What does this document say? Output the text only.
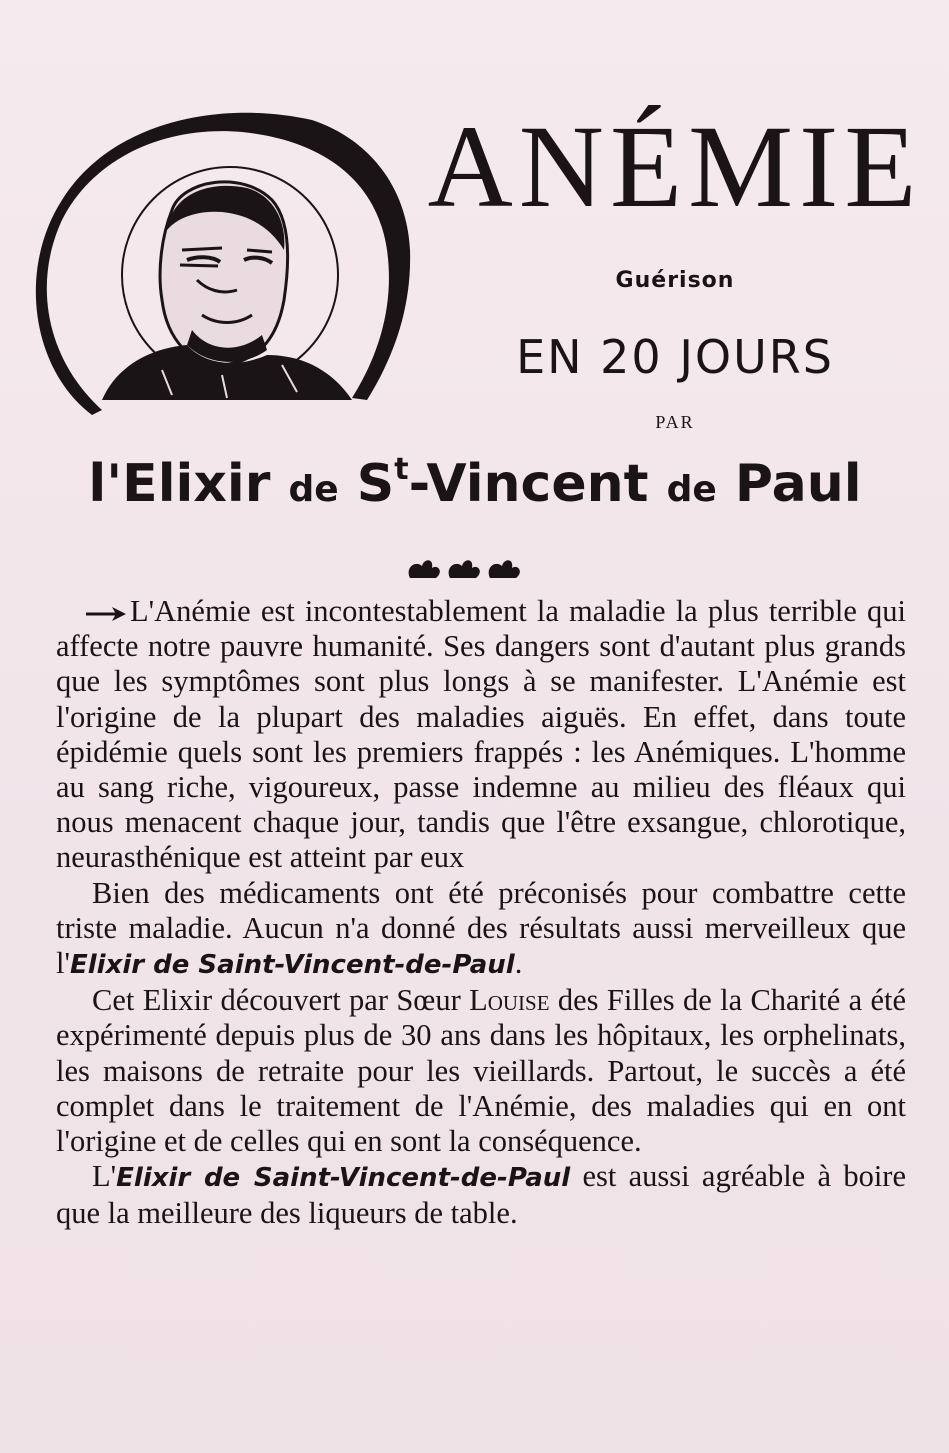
ANÉMIE
Guérison
EN 20 JOURS
PAR
l'Elixir de $S^t$-Vincent de Paul

L'Anémie est incontestablement la maladie la plus terrible qui affecte notre pauvre humanité. Ses dangers sont d'autant plus grands que les symptômes sont plus longs à se manifester. L'Anémie est l'origine de la plupart des maladies aiguës. En effet, dans toute épidémie quels sont les premiers frappés : les Anémiques. L'homme au sang riche, vigoureux, passe indemne au milieu des fléaux qui nous menacent chaque jour, tandis que l'être exsangue, chlorotique, neurasthénique est atteint par eux

Bien des médicaments ont été préconisés pour combattre cette triste maladie. Aucun n'a donné des résultats aussi merveilleux que l'Elixir de Saint-Vincent-de-Paul.

Cet Elixir découvert par Sœur Louise des Filles de la Charité a été expérimenté depuis plus de 30 ans dans les hôpitaux, les orphelinats, les maisons de retraite pour les vieillards. Partout, le succès a été complet dans le traitement de l'Anémie, des maladies qui en ont l'origine et de celles qui en sont la conséquence.

L'Elixir de Saint-Vincent-de-Paul est aussi agréable à boire que la meilleure des liqueurs de table.
